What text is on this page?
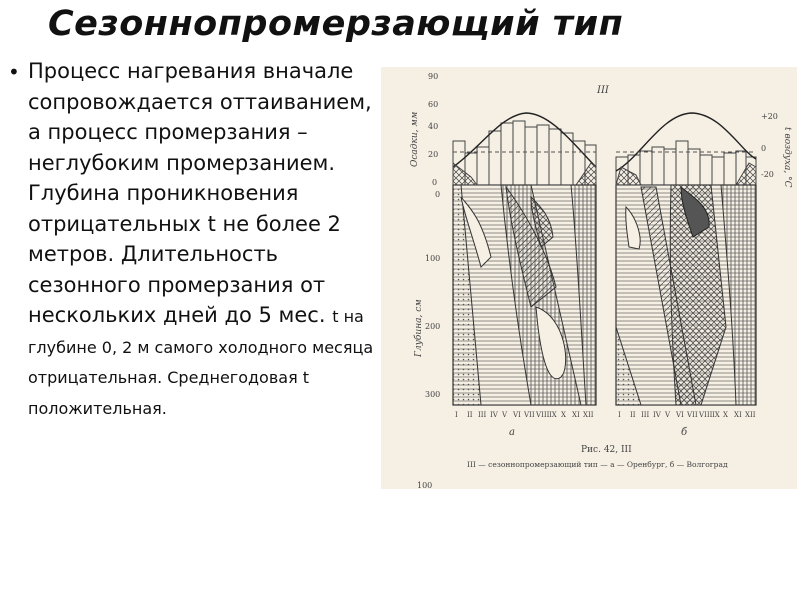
Сезоннопромерзающий тип
• Процесс нагревания вначале сопровождается оттаиванием, а процесс промерзания – неглубоким промерзанием. Глубина проникновения отрицательных t не более 2 метров. Длительность сезонного промерзания от нескольких дней до 5 мес. t на глубине 0, 2 м самого холодного месяца отрицательная. Среднегодовая t положительная.
90
60
40
20
0
Осадки, мм
0
100
200
300
Глубина, см
+20
0
-20 t воздуха, °С
III
I II III IV V VI VII VIII IX X XI XII
а
I II III IV V VI VII VIII IX X XI XII
б
Рис. 42, III
III — сезоннопромерзающий тип — а — Оренбург, б — Волгоград
100
